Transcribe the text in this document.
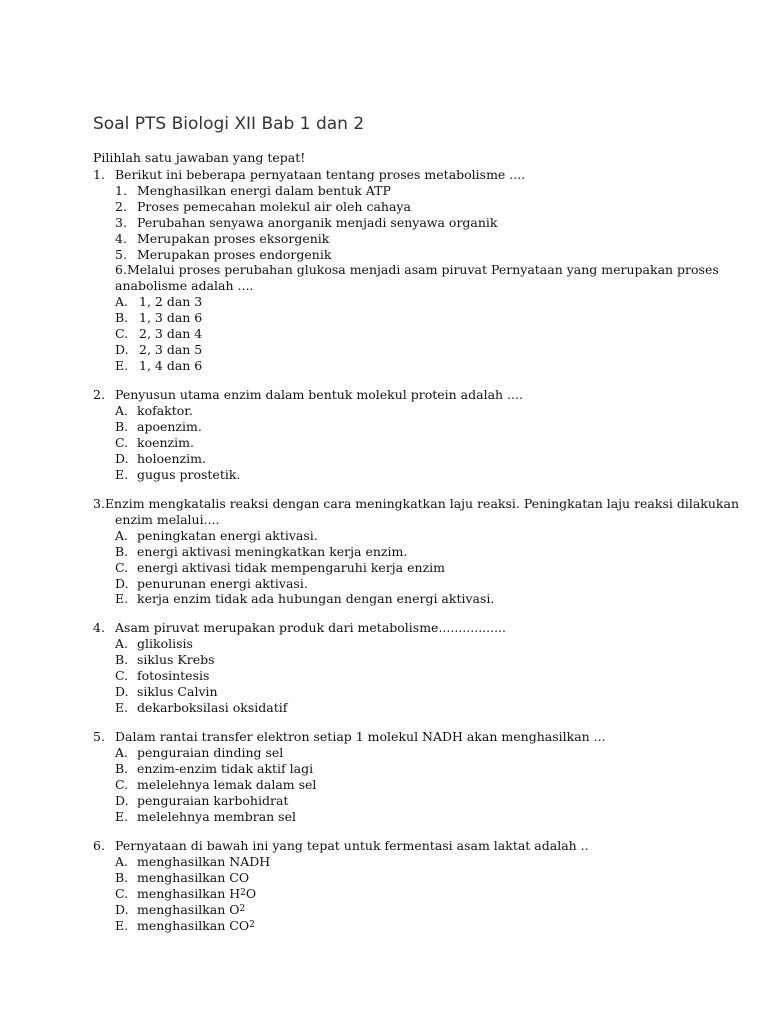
Soal PTS Biologi XII Bab 1 dan 2
Pilihlah satu jawaban yang tepat!
1. Berikut ini beberapa pernyataan tentang proses metabolisme ....
1. Menghasilkan energi dalam bentuk ATP
2. Proses pemecahan molekul air oleh cahaya
3. Perubahan senyawa anorganik menjadi senyawa organik
4. Merupakan proses eksorgenik
5. Merupakan proses endorgenik
6. Melalui proses perubahan glukosa menjadi asam piruvat Pernyataan yang merupakan proses
anabolisme adalah ....
A. 1, 2 dan 3
B. 1, 3 dan 6
C. 2, 3 dan 4
D. 2, 3 dan 5
E. 1, 4 dan 6
2. Penyusun utama enzim dalam bentuk molekul protein adalah ....
A. kofaktor.
B. apoenzim.
C. koenzim.
D. holoenzim.
E. gugus prostetik.
3. Enzim mengkatalis reaksi dengan cara meningkatkan laju reaksi. Peningkatan laju reaksi dilakukan
enzim melalui....
A. peningkatan energi aktivasi.
B. energi aktivasi meningkatkan kerja enzim.
C. energi aktivasi tidak mempengaruhi kerja enzim
D. penurunan energi aktivasi.
E. kerja enzim tidak ada hubungan dengan energi aktivasi.
4. Asam piruvat merupakan produk dari metabolisme.................
A. glikolisis
B. siklus Krebs
C. fotosintesis
D. siklus Calvin
E. dekarboksilasi oksidatif
5. Dalam rantai transfer elektron setiap 1 molekul NADH akan menghasilkan ...
A. penguraian dinding sel
B. enzim-enzim tidak aktif lagi
C. melelehnya lemak dalam sel
D. penguraian karbohidrat
E. melelehnya membran sel
6. Pernyataan di bawah ini yang tepat untuk fermentasi asam laktat adalah ..
A. menghasilkan NADH
B. menghasilkan CO
C. menghasilkan H 2 O
D. menghasilkan O 2
E. menghasilkan CO 2
